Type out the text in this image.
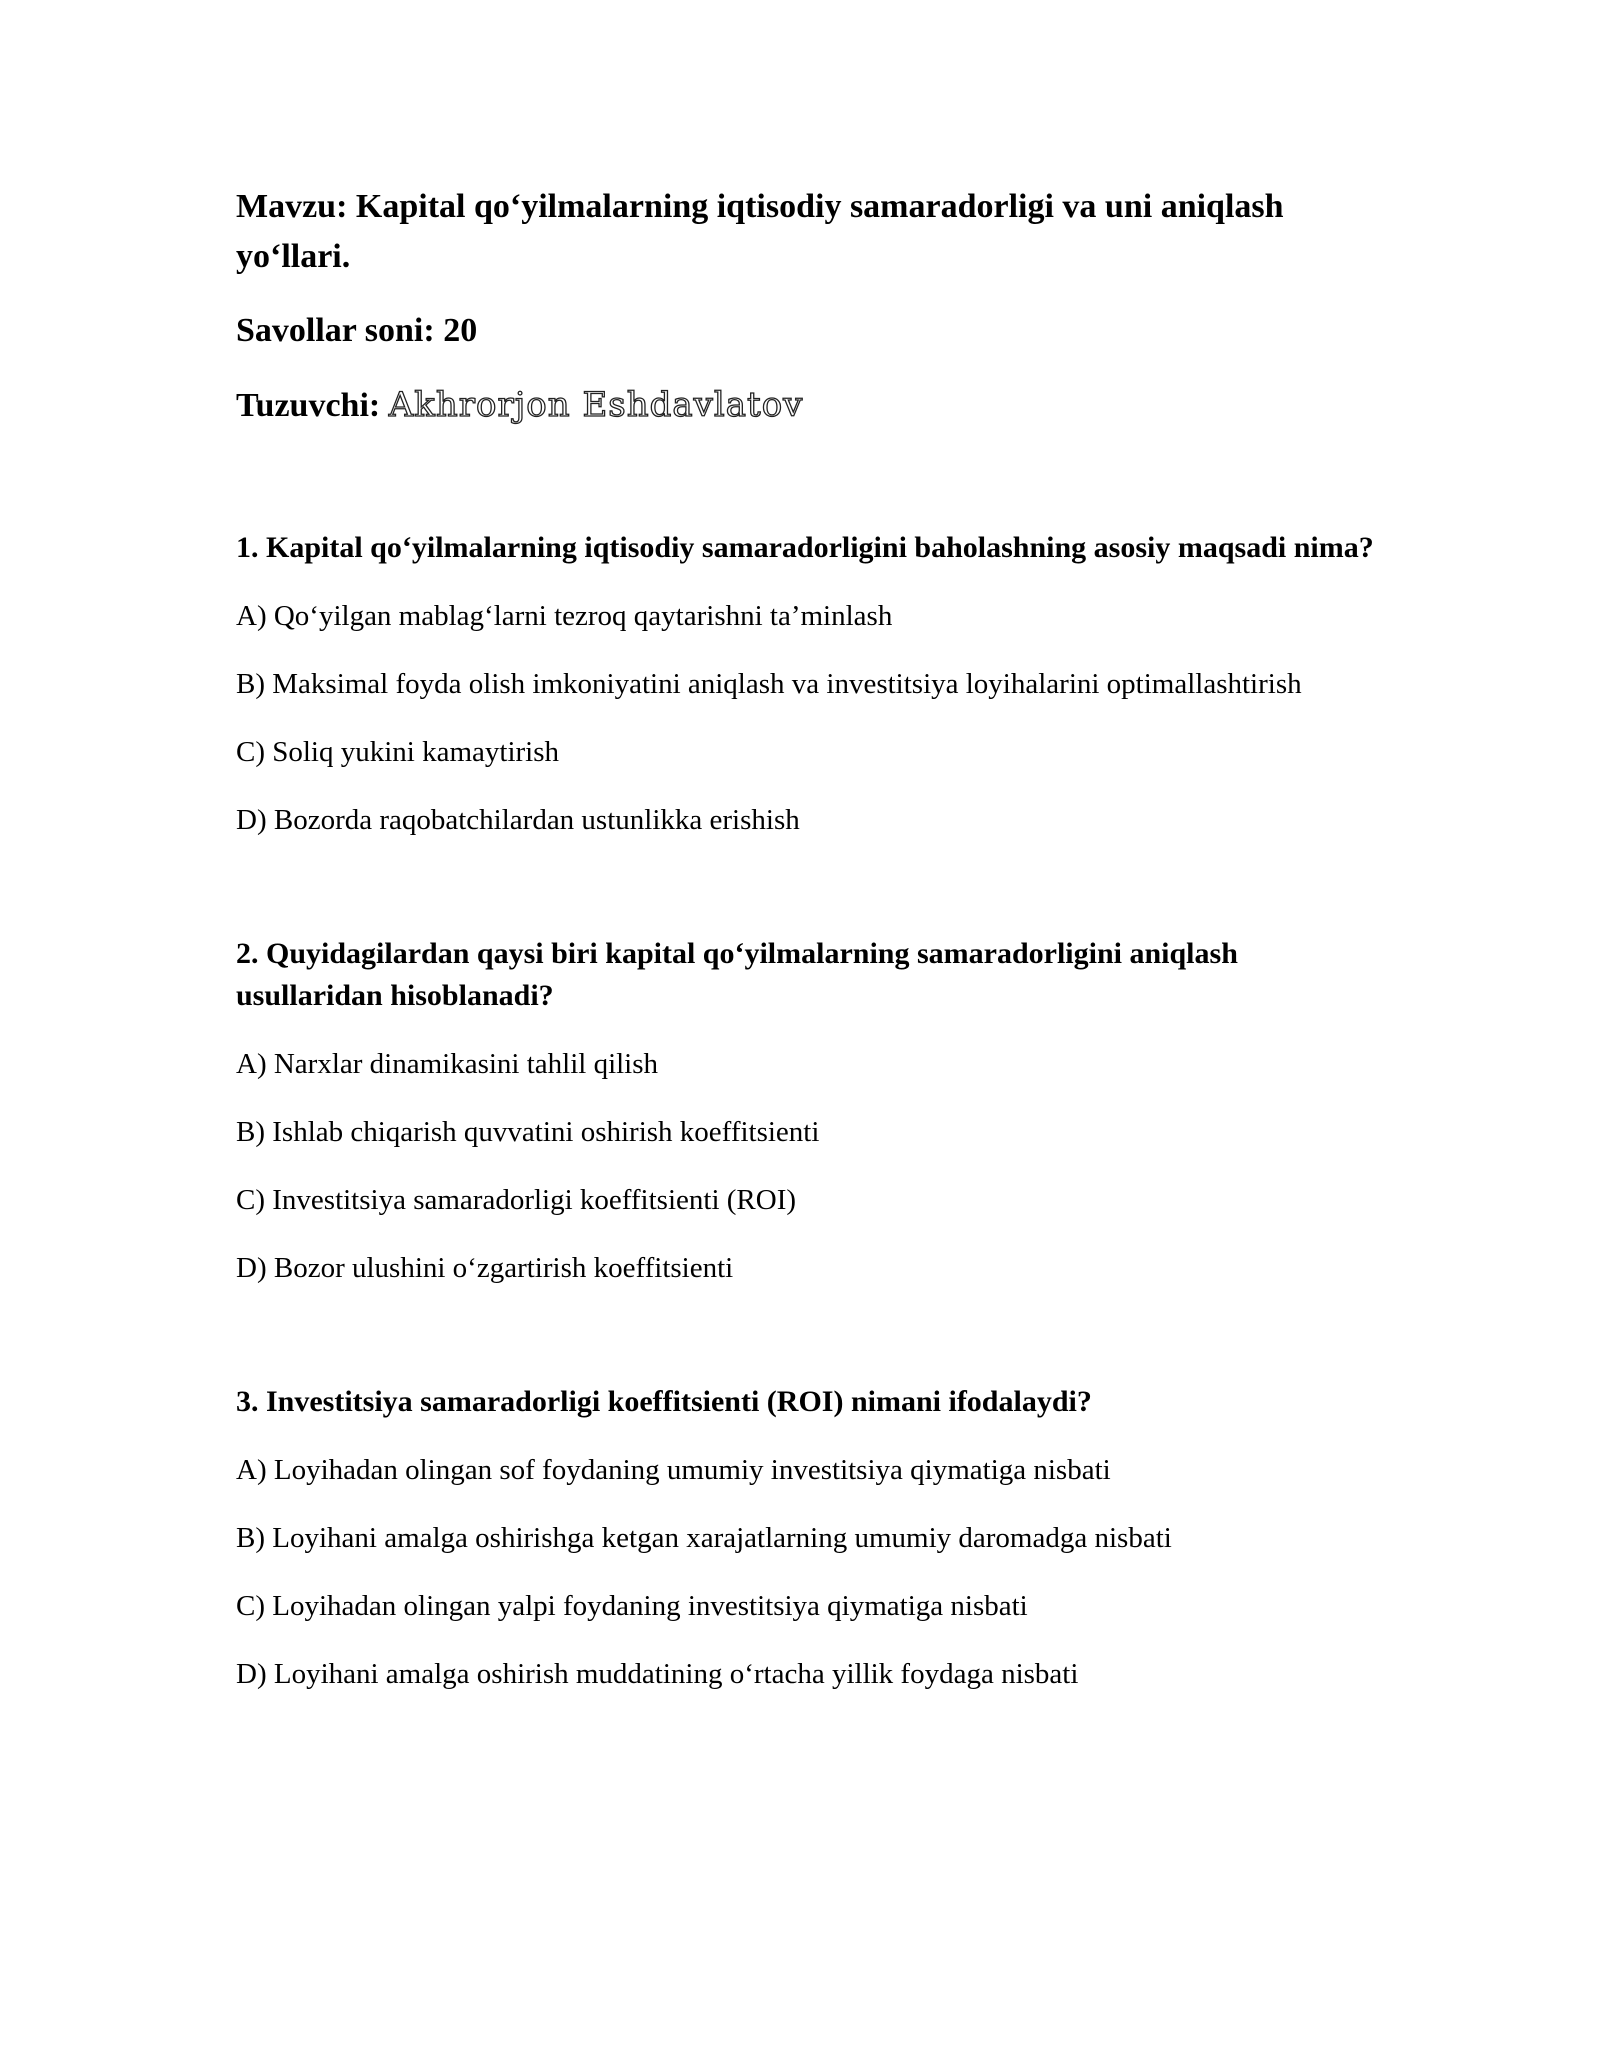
Mavzu: Kapital qo‘yilmalarning iqtisodiy samaradorligi va uni aniqlash yo‘llari.

Savollar soni: 20

Tuzuvchi: Akhrorjon Eshdavlatov

1. Kapital qo‘yilmalarning iqtisodiy samaradorligini baholashning asosiy maqsadi nima?

A) Qo‘yilgan mablag‘larni tezroq qaytarishni ta’minlash

B) Maksimal foyda olish imkoniyatini aniqlash va investitsiya loyihalarini optimallashtirish

C) Soliq yukini kamaytirish

D) Bozorda raqobatchilardan ustunlikka erishish

2. Quyidagilardan qaysi biri kapital qo‘yilmalarning samaradorligini aniqlash usullaridan hisoblanadi?

A) Narxlar dinamikasini tahlil qilish

B) Ishlab chiqarish quvvatini oshirish koeffitsienti

C) Investitsiya samaradorligi koeffitsienti (ROI)

D) Bozor ulushini o‘zgartirish koeffitsienti

3. Investitsiya samaradorligi koeffitsienti (ROI) nimani ifodalaydi?

A) Loyihadan olingan sof foydaning umumiy investitsiya qiymatiga nisbati

B) Loyihani amalga oshirishga ketgan xarajatlarning umumiy daromadga nisbati

C) Loyihadan olingan yalpi foydaning investitsiya qiymatiga nisbati

D) Loyihani amalga oshirish muddatining o‘rtacha yillik foydaga nisbati
